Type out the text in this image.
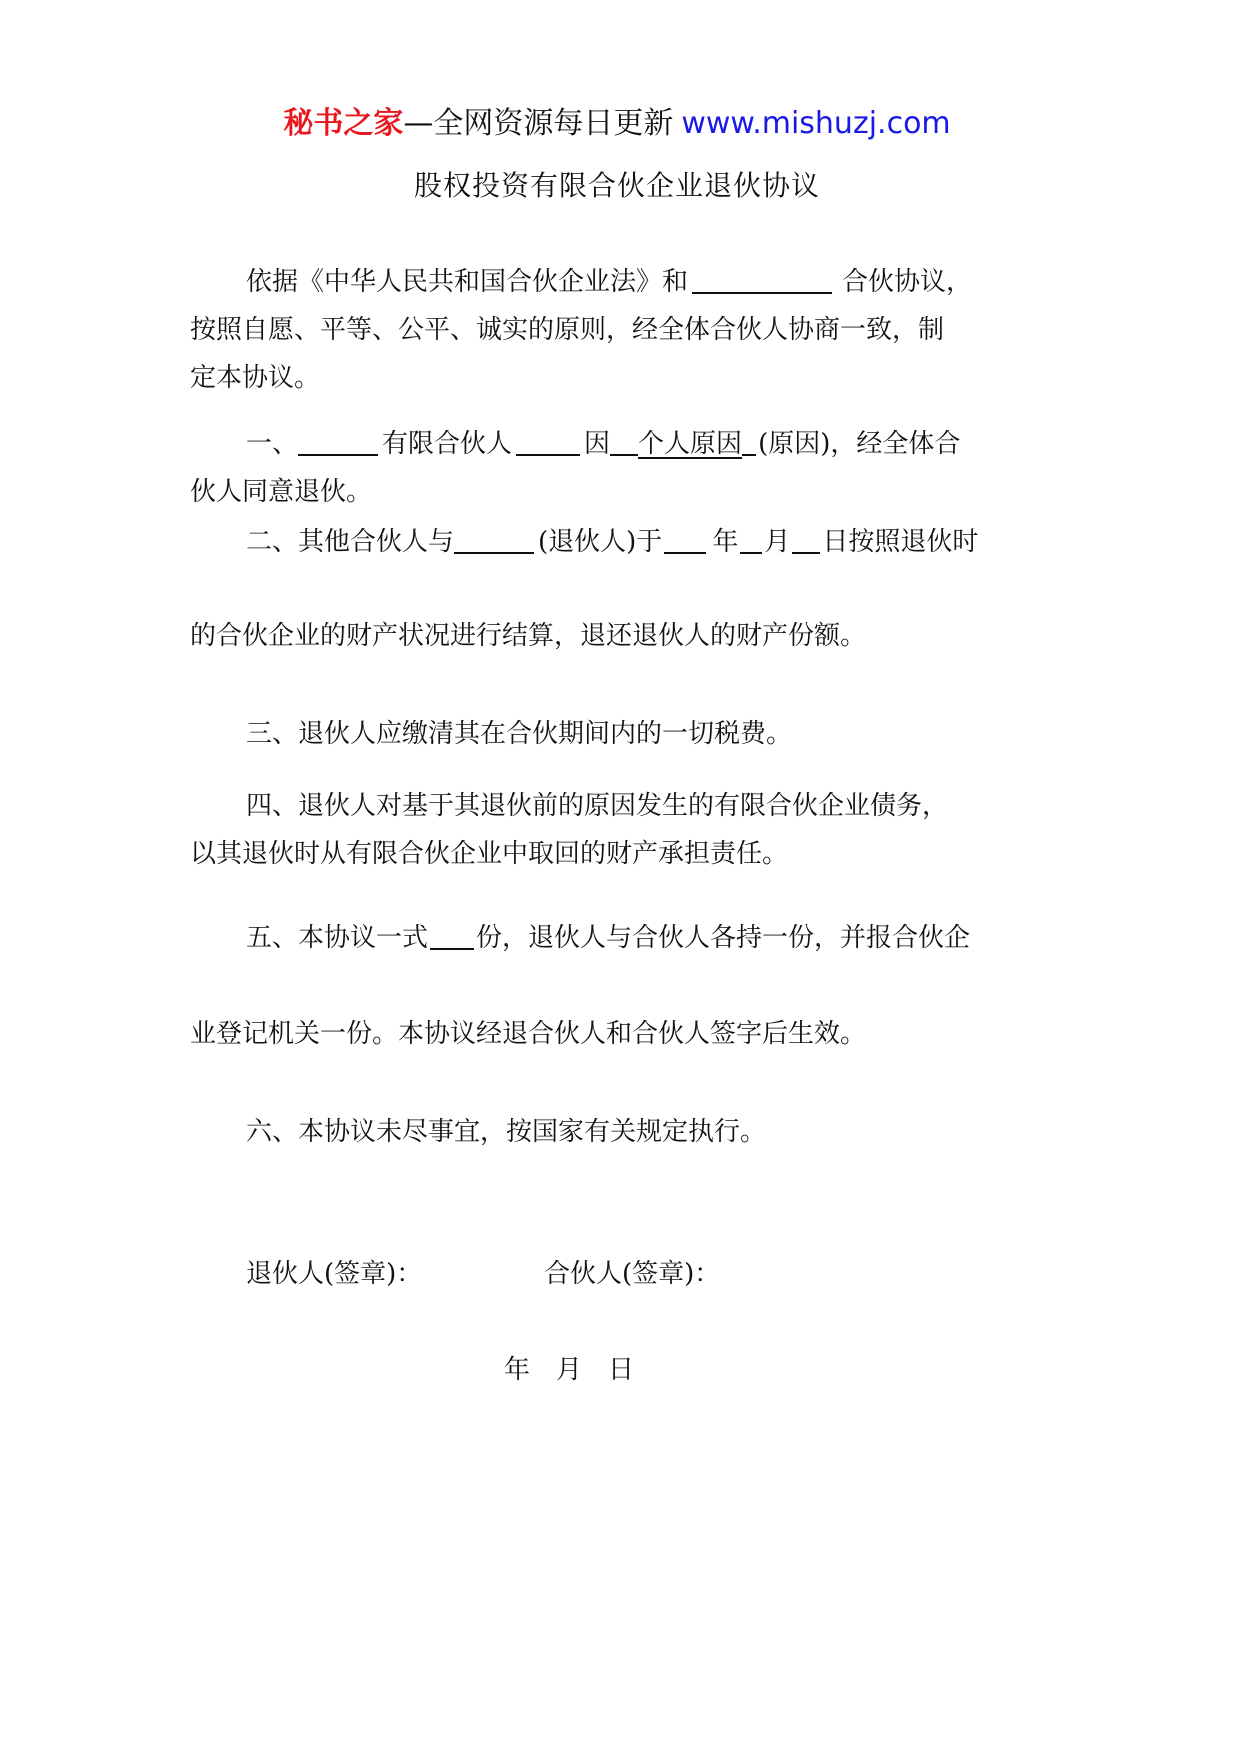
秘书之家—全网资源每日更新 www.mishuzj.com
股权投资有限合伙企业退伙协议
依据《中华人民共和国合伙企业法》和	合伙协议，
按照自愿、平等、公平、诚实的原则，经全体合伙人协商一致，制
定本协议。
一、	有限合伙人	因 个人原因 (原因)，经全体合
伙人同意退伙。
二、其他合伙人与	(退伙人)于 年 月 日按照退伙时
的合伙企业的财产状况进行结算，退还退伙人的财产份额。
三、退伙人应缴清其在合伙期间内的一切税费。
四、退伙人对基于其退伙前的原因发生的有限合伙企业债务，
以其退伙时从有限合伙企业中取回的财产承担责任。
五、本协议一式 份，退伙人与合伙人各持一份，并报合伙企
业登记机关一份。本协议经退合伙人和合伙人签字后生效。
六、本协议未尽事宜，按国家有关规定执行。
退伙人(签章)：	合伙人(签章)：
年　月　日
